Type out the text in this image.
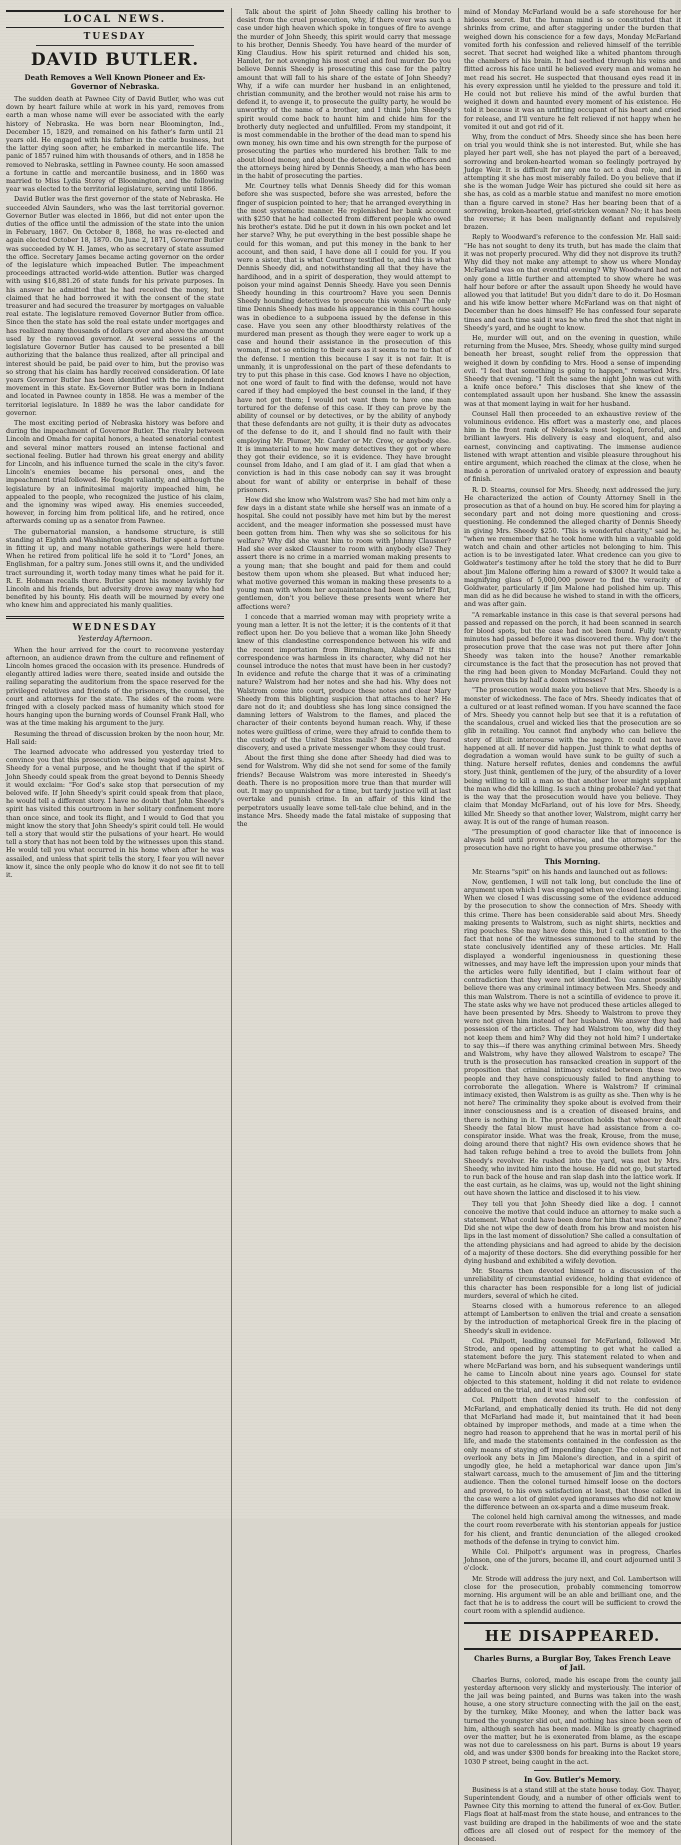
LOCAL NEWS.
TUESDAY
DAVID BUTLER.
Death Removes a Well Known Pioneer and Ex-Governor of Nebraska.

The sudden death at Pawnee City of David Butler, who was cut down by heart failure while at work in his yard, removes from earth a man whose name will ever be associated with the early history of Nebraska. He was born near Bloomington, Ind., December 15, 1829, and remained on his father's farm until 21 years old. He engaged with his father in the cattle business, but the latter dying soon after, he embarked in mercantile life. The panic of 1857 ruined him with thousands of others, and in 1858 he removed to Nebraska, settling in Pawnee county. He soon amassed a fortune in cattle and mercantile business, and in 1860 was married to Miss Lydia Storey of Bloomington, and the following year was elected to the territorial legislature, serving until 1866.

David Butler was the first governor of the state of Nebraska. He succeeded Alvin Saunders, who was the last territorial governor. Governor Butler was elected in 1866, but did not enter upon the duties of the office until the admission of the state into the union in February, 1867. On October 8, 1868, he was re-elected and again elected October 18, 1870. On June 2, 1871, Governor Butler was succeeded by W. H. James, who as secretary of state assumed the office. Secretary James became acting governor on the order of the legislature which impeached Butler. The impeachment proceedings attracted world-wide attention. Butler was charged with using $16,881.26 of state funds for his private purposes. In his answer he admitted that he had received the money, but claimed that he had borrowed it with the consent of the state treasurer and had secured the treasurer by mortgages on valuable real estate. The legislature removed Governor Butler from office. Since then the state has sold the real estate under mortgages and has realized many thousands of dollars over and above the amount used by the removed governor. At several sessions of the legislature Governor Butler has caused to be presented a bill authorizing that the balance thus realized, after all principal and interest should be paid, be paid over to him, but the proviso was so strong that his claim has hardly received consideration. Of late years Governor Butler has been identified with the independent movement in this state. Ex-Governor Butler was born in Indiana and located in Pawnee county in 1858. He was a member of the territorial legislature. In 1889 he was the labor candidate for governor.

The most exciting period of Nebraska history was before and during the impeachment of Governor Butler. The rivalry between Lincoln and Omaha for capital honors, a heated senatorial contest and several minor matters roused an intense factional and sectional feeling. Butler had thrown his great energy and ability for Lincoln, and his influence turned the scale in the city's favor. Lincoln's enemies became his personal ones, and the impeachment trial followed. He fought valiantly, and although the legislature by an infinitesimal majority impeached him, he appealed to the people, who recognized the justice of his claim, and the ignominy was wiped away. His enemies succeeded, however, in forcing him from political life, and he retired, once afterwards coming up as a senator from Pawnee.

The gubernatorial mansion, a handsome structure, is still standing at Eighth and Washington streets. Butler spent a fortune in fitting it up, and many notable gatherings were held there. When he retired from political life he sold it to "Lord" Jones, an Englishman, for a paltry sum. Jones still owns it, and the undivided tract surrounding it, worth today many times what he paid for it. R. E. Hobman recalls there. Butler spent his money lavishly for Lincoln and his friends, but adversity drove away many who had benefited by his bounty. His death will be mourned by every one who knew him and appreciated his manly qualities.

WEDNESDAY
Yesterday Afternoon.

When the hour arrived for the court to reconvene yesterday afternoon, an audience drawn from the culture and refinement of Lincoln homes graced the occasion with its presence. Hundreds of elegantly attired ladies were there, seated inside and outside the railing separating the auditorium from the space reserved for the privileged relatives and friends of the prisoners, the counsel, the court and attorneys for the state. The sides of the room were fringed with a closely packed mass of humanity which stood for hours hanging upon the burning words of Counsel Frank Hall, who was at the time making his argument to the jury.

Resuming the thread of discussion broken by the noon hour, Mr. Hall said:

The learned advocate who addressed you yesterday tried to convince you that this prosecution was being waged against Mrs. Sheedy for a venal purpose, and he thought that if the spirit of John Sheedy could speak from the great beyond to Dennis Sheedy it would exclaim: "For God's sake stop that persecution of my beloved wife. If John Sheedy's spirit could speak from that place, he would tell a different story. I have no doubt that John Sheedy's spirit has visited this courtroom in her solitary confinement more than once since, and took its flight, and I would to God that you might know the story that John Sheedy's spirit could tell. He would tell a story that would stir the pulsations of your heart. He would tell a story that has not been told by the witnesses upon this stand. He would tell you what occurred in his home when after he was assailed, and unless that spirit tells the story, I fear you will never know it, since the only people who do know it do not see fit to tell it.

Talk about the spirit of John Sheedy calling his brother to desist from the cruel prosecution, why, if there ever was such a case under high heaven which spoke in tongues of fire to avenge the murder of John Sheedy, this spirit would carry that message to his brother, Dennis Sheedy. You have heard of the murder of King Claudius. How his spirit returned and chided his son, Hamlet, for not avenging his most cruel and foul murder. Do you believe Dennis Sheedy is prosecuting this case for the paltry amount that will fall to his share of the estate of John Sheedy? Why, if a wife can murder her husband in an enlightened, christian community, and the brother would not raise his arm to defend it, to avenge it, to prosecute the guilty party, he would be unworthy of the name of a brother, and I think John Sheedy's spirit would come back to haunt him and chide him for the brotherly duty neglected and unfulfilled. From my standpoint, it is most commendable in the brother of the dead man to spend his own money, his own time and his own strength for the purpose of prosecuting the parties who murdered his brother. Talk to me about blood money, and about the detectives and the officers and the attorneys being hired by Dennis Sheedy, a man who has been in the habit of prosecuting the parties.

Mr. Courtney tells what Dennis Sheedy did for this woman before she was suspected, before she was arrested, before the finger of suspicion pointed to her; that he arranged everything in the most systematic manner. He replenished her bank account with $250 that he had collected from different people who owed his brother's estate. Did he put it down in his own pocket and let her starve? Why, he put everything in the best possible shape he could for this woman, and put this money in the bank to her account, and then said, I have done all I could for you. If you were a sister, that is what Courtney testified to, and this is what Dennis Sheedy did, and notwithstanding all that they have the hardihood, and in a spirit of desperation, they would attempt to poison your mind against Dennis Sheedy. Have you seen Dennis Sheedy hounding in this courtroom? Have you seen Dennis Sheedy hounding detectives to prosecute this woman? The only time Dennis Sheedy has made his appearance in this court house was in obedience to a subpoena issued by the defense in this case. Have you seen any other bloodthirsty relatives of the murdered man present as though they were eager to work up a case and hound their assistance in the prosecution of this woman, if not so enticing to their ears as it seems to me to that of the defense. I mention this because I say it is not fair. It is unmanly, it is unprofessional on the part of these defendants to try to put this phase in this case. God knows I have no objection, not one word of fault to find with the defense, would not have cared if they had employed the best counsel in the land, if they have not got them; I would not want them to have one man tortured for the defense of this case. If they can prove by the ability of counsel or by detectives, or by the ability of anybody that these defendants are not guilty, it is their duty as advocates of the defense to do it, and I should find no fault with their employing Mr. Plumer, Mr. Carder or Mr. Crow, or anybody else. It is immaterial to me how many detectives they got or where they got their evidence, so it is evidence. They have brought counsel from Idaho, and I am glad of it. I am glad that when a conviction is had in this case nobody can say it was brought about for want of ability or enterprise in behalf of these prisoners.

How did she know who Walstrom was? She had met him only a few days in a distant state while she herself was an inmate of a hospital. She could not possibly have met him but by the merest accident, and the meager information she possessed must have been gotten from him. Then why was she so solicitous for his welfare? Why did she want him to room with Johnny Clausner? Had she ever asked Clausner to room with anybody else? They assert there is no crime in a married woman making presents to a young man; that she bought and paid for them and could bestow them upon whom she pleased. But what induced her; what motive governed this woman in making these presents to a young man with whom her acquaintance had been so brief? But, gentlemen, don't you believe these presents went where her affections were?

I concede that a married woman may with propriety write a young man a letter. It is not the letter; it is the contents of it that reflect upon her. Do you believe that a woman like John Sheedy knew of this clandestine correspondence between his wife and the recent importation from Birmingham, Alabama? If this correspondence was harmless in its character, why did not her counsel introduce the notes that must have been in her custody? In evidence and refute the charge that it was of a criminating nature? Walstrom had her notes and she had his. Why does not Walstrom come into court, produce these notes and clear Mary Sheedy from this blighting suspicion that attaches to her? He dare not do it; and doubtless she has long since consigned the damning letters of Walstrom to the flames, and placed the character of their contents beyond human reach. Why, if these notes were guiltless of crime, were they afraid to confide them to the custody of the United States mails? Because they feared discovery, and used a private messenger whom they could trust.

About the first thing she done after Sheedy had died was to send for Walstrom. Why did she not send for some of the family friends? Because Walstrom was more interested in Sheedy's death. There is no proposition more true than that murder will out. It may go unpunished for a time, but tardy justice will at last overtake and punish crime. In an affair of this kind the perpetrators usually leave some tell-tale clue behind, and in the instance Mrs. Sheedy made the fatal mistake of supposing that the

mind of Monday McFarland would be a safe storehouse for her hideous secret. But the human mind is so constituted that it shrinks from crime, and after staggering under the burden that weighed down his conscience for a few days, Monday McFarland vomited forth his confession and relieved himself of the terrible secret. That secret had weighed like a whited phantom through the chambers of his brain. It had seethed through his veins and flitted across his face until he believed every man and woman he met read his secret. He suspected that thousand eyes read it in his every expression until he yielded to the pressure and told it. He could not but relieve his mind of the awful burden that weighed it down and haunted every moment of his existence. He told it because it was an unfitting occupant of his heart and cried for release, and I'll venture he felt relieved if not happy when he vomited it out and got rid of it.

Why, from the conduct of Mrs. Sheedy since she has been here on trial you would think she is not interested. But, while she has played her part well, she has not played the part of a bereaved, sorrowing and broken-hearted woman so feelingly portrayed by Judge Weir. It is difficult for any one to act a dual role, and in attempting it she has most miserably failed. Do you believe that if she is the woman Judge Weir has pictured she could sit here as she has, as cold as a marble statue and manifest no more emotion than a figure carved in stone? Has her bearing been that of a sorrowing, broken-hearted, grief-stricken woman? No; it has been the reverse; it has been malignantly defiant and repulsively brazen.

Reply to Woodward's reference to the confession Mr. Hall said: "He has not sought to deny its truth, but has made the claim that it was not properly procured. Why did they not disprove its truth? Why did they not make any attempt to show us where Monday McFarland was on that eventful evening? Why Woodward had not only gone a little further and attempted to show where he was half hour before or after the assault upon Sheedy he would have allowed you that latitude! But you didn't dare to do it. Do Hosman and his wife know better where McFarland was on that night of December than he does himself? He has confessed four separate times and each time said it was he who fired the shot that night in Sheedy's yard, and he ought to know.

He, murder will out, and on the evening in question, while returning from the Musee, Mrs. Sheedy, whose guilty mind surged beneath her breast, sought relief from the oppression that weighed it down by confiding to Mrs. Hood a sense of impending evil. "I feel that something is going to happen," remarked Mrs. Sheedy that evening. "I felt the same the night John was cut with a knife once before." This discloses that she knew of the contemplated assault upon her husband. She knew the assassin was at that moment laying in wait for her husband.

Counsel Hall then proceeded to an exhaustive review of the voluminous evidence. His effort was a masterly one, and places him in the front rank of Nebraska's most logical, forceful, and brilliant lawyers. His delivery is easy and eloquent, and also earnest, convincing and captivating. The immense audience listened with wrapt attention and visible pleasure throughout his entire argument, which reached the climax at the close, when he made a peroration of unrivaled oratory of expression and beauty of finish.

R. D. Stearns, counsel for Mrs. Sheedy, next addressed the jury. He characterized the action of County Attorney Snell in the prosecution as that of a hound on buy. He scored him for playing a secondary part and not doing more questioning and cross-questioning. He condemned the alleged charity of Dennis Sheedy in giving Mrs. Sheedy $250. "This is wonderful charity," said he, "when we remember that he took home with him a valuable gold watch and chain and other articles not belonging to him. This action is to be investigated later. What credence can you give to Goldwater's testimony after he told the story that he did to Burr about Jim Malone offering him a reward of $300? It would take a magnifying glass of 5,000,000 power to find the veracity of Goldwater, particularly if Jim Malone had polished him up. This man did as he did because he wished to stand in with the officers, and was after gain.

"A remarkable instance in this case is that several persons had passed and repassed on the porch, it had been scanned in search for blood spots, but the case had not been found. Fully twenty minutes had passed before it was discovered there. Why don't the prosecution prove that the case was not put there after John Sheedy was taken into the house? Another remarkable circumstance is the fact that the prosecution has not proved that the ring had been given to Monday McFarland. Could they not have proven this by half a dozen witnesses?

"The prosecution would make you believe that Mrs. Sheedy is a monster of wickedness. The face of Mrs. Sheedy indicates that of a cultured or at least refined woman. If you have scanned the face of Mrs. Sheedy you cannot help but see that it is a refutation of the scandalous, cruel and wicked lies that the prosecution are so glib in retailing. You cannot find anybody who can believe the story of illicit intercourse with the negro. It could not have happened at all. If never did happen. Just think to what depths of degradation a woman would have sunk to be guilty of such a thing. Nature herself refutes, denies and condemns the awful story. Just think, gentlemen of the jury, of the absurdity of a lover being willing to kill a man so that another lover might supplant the man who did the killing. Is such a thing probable? And yet that is the way that the prosecution would have you believe. They claim that Monday McFarland, out of his love for Mrs. Sheedy, killed Mr. Sheedy so that another lover, Walstrom, might carry her away. It is out of the range of human reason.

"The presumption of good character like that of innocence is always held until proven otherwise, and the attorneys for the prosecution have no right to have you presume otherwise."

This Morning.

Mr. Stearns "spit" on his hands and launched out as follows:

Now, gentlemen, I will not talk long, but conclude the line of argument upon which I was engaged when we closed last evening. When we closed I was discussing some of the evidence adduced by the prosecution to show the connection of Mrs. Sheedy with this crime. There has been considerable said about Mrs. Sheedy making presents to Walstrom, such as night shirts, neckties and ring pouches. She may have done this, but I call attention to the fact that none of the witnesses summoned to the stand by the state conclusively identified any of these articles. Mr. Hall displayed a wonderful ingeniousness in questioning these witnesses, and may have left the impression upon your minds that the articles were fully identified, but I claim without fear of contradiction that they were not identified. You cannot possibly believe there was any criminal intimacy between Mrs. Sheedy and this man Walstrom. There is not a scintilla of evidence to prove it. The state asks why we have not produced these articles alleged to have been presented by Mrs. Sheedy to Walstrom to prove they were not given him instead of her husband. We answer they had possession of the articles. They had Walstrom too, why did they not keep them and him? Why did they not hold him? I undertake to say this—if there was anything criminal between Mrs. Sheedy and Walstrom, why have they allowed Walstrom to escape? The truth is the prosecution has ransacked creation in support of the proposition that criminal intimacy existed between these two people and they have conspicuously failed to find anything to corroborate the allegation. Where is Walstrom? If criminal intimacy existed, then Walstrom is as guilty as she. Then why is he not here? The criminality they spoke about is evolved from their inner consciousness and is a creation of diseased brains, and there is nothing in it. The prosecution holds that whoever dealt Sheedy the fatal blow must have had assistance from a co-conspirator inside. What was the freak, Krouse, from the muse, doing around there that night? His own evidence shows that he had taken refuge behind a tree to avoid the bullets from John Sheedy's revolver. He rushed into the yard, was met by Mrs. Sheedy, who invited him into the house. He did not go, but started to run back of the house and ran slap dash into the lattice work. If the east curtain, as he claims, was up, would not the light shining out have shown the lattice and disclosed it to his view.

They tell you that John Sheedy died like a dog. I cannot conceive the motive that could induce an attorney to make such a statement. What could have been done for him that was not done? Did she not wipe the dew of death from his brow and moisten his lips in the last moment of dissolution? She called a consultation of the attending physicians and had agreed to abide by the decision of a majority of these doctors. She did everything possible for her dying husband and exhibited a wifely devotion.

Mr. Stearns then devoted himself to a discussion of the unreliability of circumstantial evidence, holding that evidence of this character has been responsible for a long list of judicial murders, several of which he cited.

Stearns closed with a humorous reference to an alleged attempt of Lambertson to enliven the trial and create a sensation by the introduction of metaphorical Greek fire in the placing of Sheedy's skull in evidence.

Col. Philpott, leading counsel for McFarland, followed Mr. Strode, and opened by attempting to get what he called a statement before the jury. This statement related to when and where McFarland was born, and his subsequent wanderings until he came to Lincoln about nine years ago. Counsel for state objected to this statement, holding it did not relate to evidence adduced on the trial, and it was ruled out.

Col. Philpott then devoted himself to the confession of McFarland, and emphatically denied its truth. He did not deny that McFarland had made it, but maintained that it had been obtained by improper methods, and made at a time when the negro had reason to apprehend that he was in mortal peril of his life, and made the statements contained in the confession as the only means of staying off impending danger. The colonel did not overlook any bets in Jim Malone's direction, and in a spirit of ungodly glee, he held a metaphorical war dance upon Jim's stalwart carcass, much to the amusement of Jim and the tittering audience. Then the colonel turned himself loose on the doctors and proved, to his own satisfaction at least, that those called in the case were a lot of gimlet eyed ignoramuses who did not know the difference between an ox-sparta and a dime museum freak.

The colonel held high carnival among the witnesses, and made the court room reverberate with his stentorian appeals for justice for his client, and frantic denunciation of the alleged crooked methods of the defense in trying to convict him.

While Col. Philpott's argument was in progress, Charles Johnson, one of the jurors, became ill, and court adjourned until 3 o'clock.

Mr. Strode will address the jury next, and Col. Lambertson will close for the prosecution, probably commencing tomorrow morning. His argument will be an able and brilliant one, and the fact that he is to address the court will be sufficient to crowd the court room with a splendid audience.

HE DISAPPEARED.
Charles Burns, a Burglar Boy, Takes French Leave of Jail.

Charles Burns, colored, made his escape from the county jail yesterday afternoon very slickly and mysteriously. The interior of the jail was being painted, and Burns was taken into the wash house, a one story structure connecting with the jail on the east, by the turnkey, Mike Mooney, and when the latter back was turned the youngster slid out, and nothing has since been seen of him, although search has been made. Mike is greatly chagrined over the matter, but he is exonerated from blame, as the escape was not due to carelessness on his part. Burns is about 19 years old, and was under $300 bonds for breaking into the Racket store, 1030 P street, being caught in the act.

In Gov. Butler's Memory.

Business is at a stand still at the state house today. Gov. Thayer, Superintendent Goudy, and a number of other officials went to Pawnee City this morning to attend the funeral of ex-Gov. Butler. Flags float at half-mast from the state house, and entrances to the vast building are draped in the habiliments of woe and the state offices are all closed out of respect for the memory of the deceased.
